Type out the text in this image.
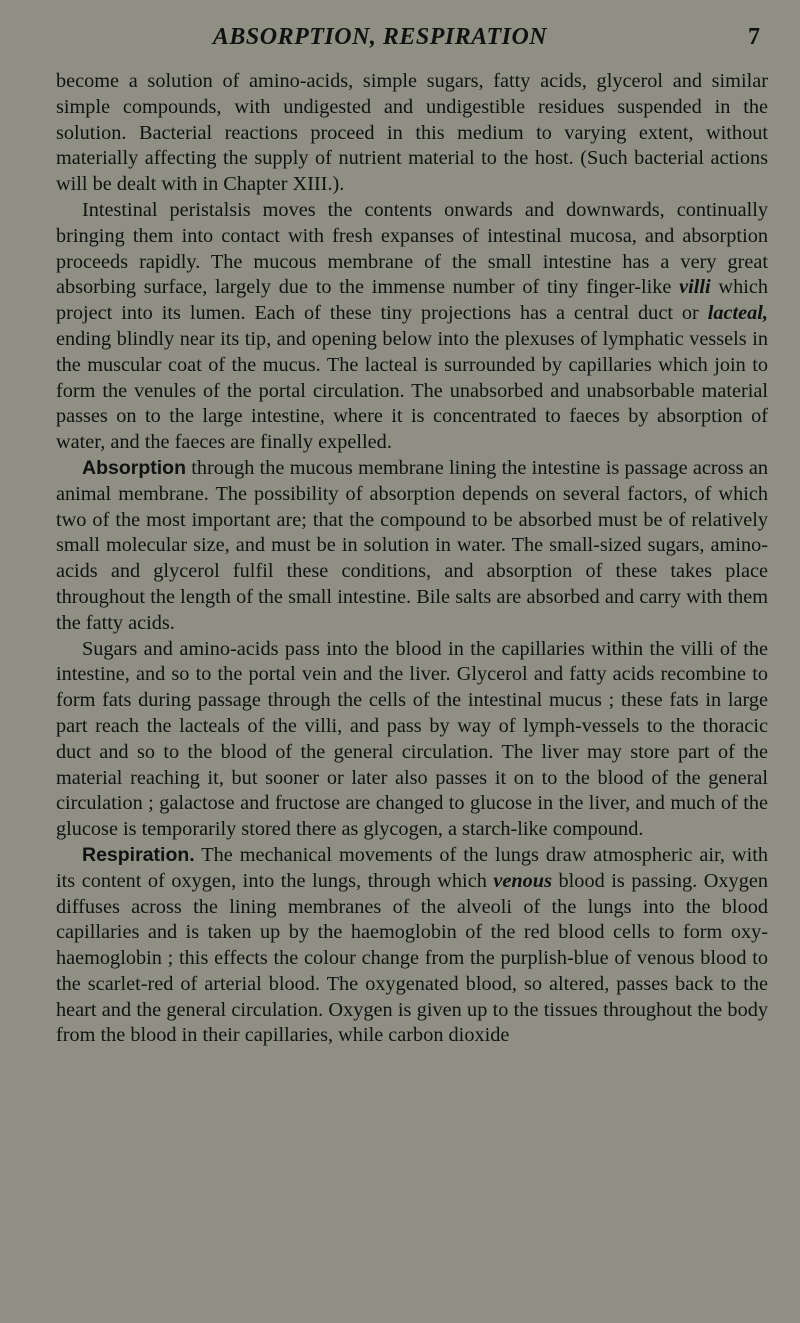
ABSORPTION, RESPIRATION	7

become a solution of amino-acids, simple sugars, fatty acids, glycerol and similar simple compounds, with undigested and undigestible residues suspended in the solution. Bacterial reactions proceed in this medium to varying extent, without materially affecting the supply of nutrient material to the host. (Such bacterial actions will be dealt with in Chapter XIII.).

Intestinal peristalsis moves the contents onwards and downwards, continually bringing them into contact with fresh expanses of intestinal mucosa, and absorption proceeds rapidly. The mucous membrane of the small intestine has a very great absorbing surface, largely due to the immense number of tiny finger-like villi which project into its lumen. Each of these tiny projections has a central duct or lacteal, ending blindly near its tip, and opening below into the plexuses of lymphatic vessels in the muscular coat of the mucus. The lacteal is surrounded by capillaries which join to form the venules of the portal circulation. The unabsorbed and unabsorbable material passes on to the large intestine, where it is concentrated to faeces by absorption of water, and the faeces are finally expelled.

Absorption through the mucous membrane lining the intestine is passage across an animal membrane. The possibility of absorption depends on several factors, of which two of the most important are; that the compound to be absorbed must be of relatively small molecular size, and must be in solution in water. The small-sized sugars, amino-acids and glycerol fulfil these conditions, and absorption of these takes place throughout the length of the small intestine. Bile salts are absorbed and carry with them the fatty acids.

Sugars and amino-acids pass into the blood in the capillaries within the villi of the intestine, and so to the portal vein and the liver. Glycerol and fatty acids recombine to form fats during passage through the cells of the intestinal mucus ; these fats in large part reach the lacteals of the villi, and pass by way of lymph-vessels to the thoracic duct and so to the blood of the general circulation. The liver may store part of the material reaching it, but sooner or later also passes it on to the blood of the general circulation ; galactose and fructose are changed to glucose in the liver, and much of the glucose is temporarily stored there as glycogen, a starch-like compound.

Respiration. The mechanical movements of the lungs draw atmospheric air, with its content of oxygen, into the lungs, through which venous blood is passing. Oxygen diffuses across the lining membranes of the alveoli of the lungs into the blood capillaries and is taken up by the haemoglobin of the red blood cells to form oxy-haemoglobin ; this effects the colour change from the purplish-blue of venous blood to the scarlet-red of arterial blood. The oxygenated blood, so altered, passes back to the heart and the general circulation. Oxygen is given up to the tissues throughout the body from the blood in their capillaries, while carbon dioxide
